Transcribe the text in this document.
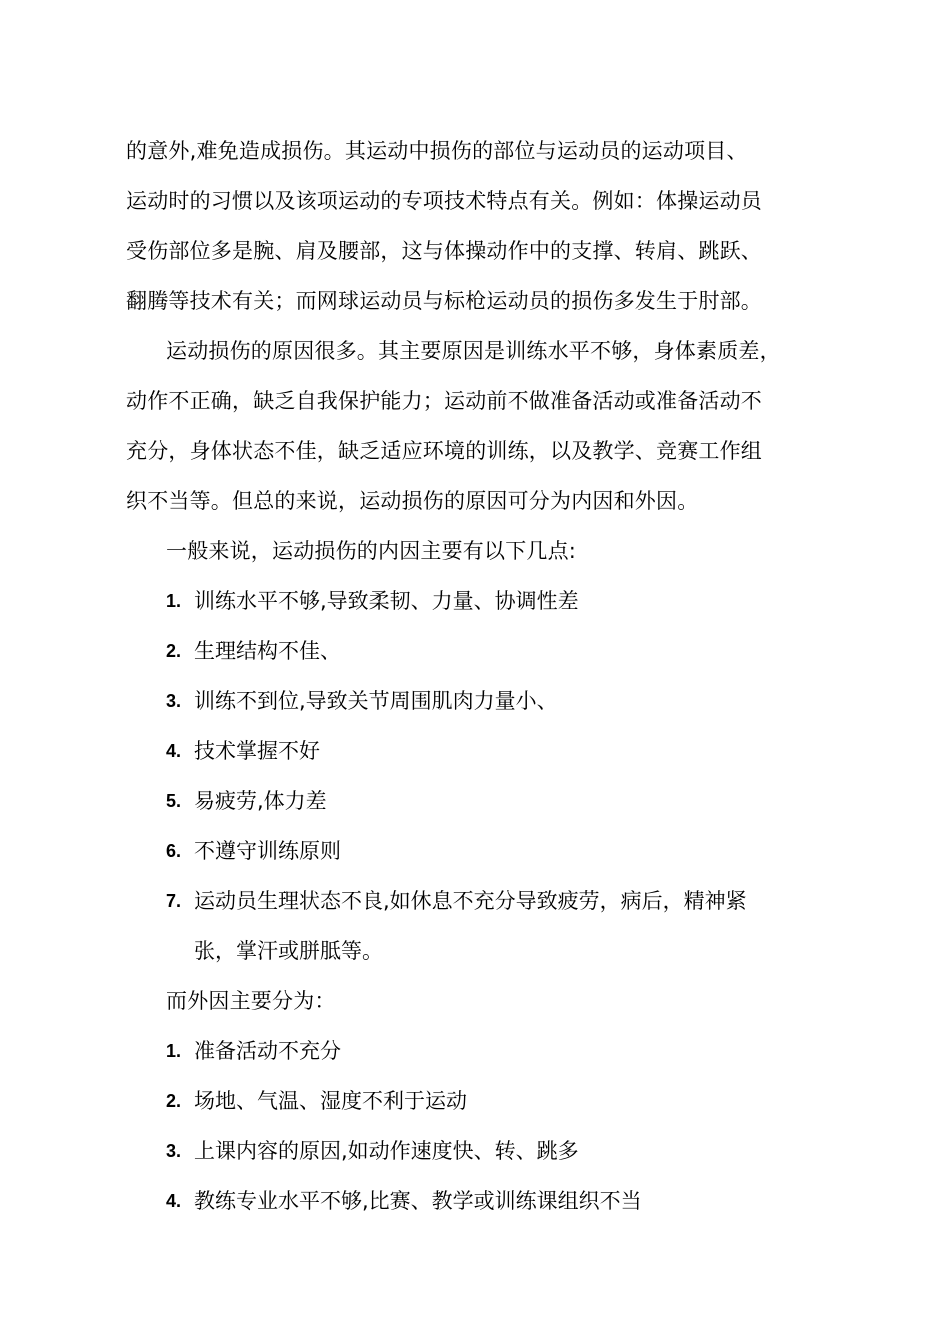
的意外,难免造成损伤。其运动中损伤的部位与运动员的运动项目、
运动时的习惯以及该项运动的专项技术特点有关。例如：体操运动员
受伤部位多是腕、肩及腰部，这与体操动作中的支撑、转肩、跳跃、
翻腾等技术有关；而网球运动员与标枪运动员的损伤多发生于肘部。
运动损伤的原因很多。其主要原因是训练水平不够，身体素质差，
动作不正确，缺乏自我保护能力；运动前不做准备活动或准备活动不
充分，身体状态不佳，缺乏适应环境的训练，以及教学、竞赛工作组
织不当等。但总的来说，运动损伤的原因可分为内因和外因。
一般来说，运动损伤的内因主要有以下几点:
1. 训练水平不够,导致柔韧、力量、协调性差
2. 生理结构不佳、
3. 训练不到位,导致关节周围肌肉力量小、
4. 技术掌握不好
5. 易疲劳,体力差
6. 不遵守训练原则
7. 运动员生理状态不良,如休息不充分导致疲劳，病后，精神紧
张，掌汗或胼胝等。
而外因主要分为：
1. 准备活动不充分
2. 场地、气温、湿度不利于运动
3. 上课内容的原因,如动作速度快、转、跳多
4. 教练专业水平不够,比赛、教学或训练课组织不当
